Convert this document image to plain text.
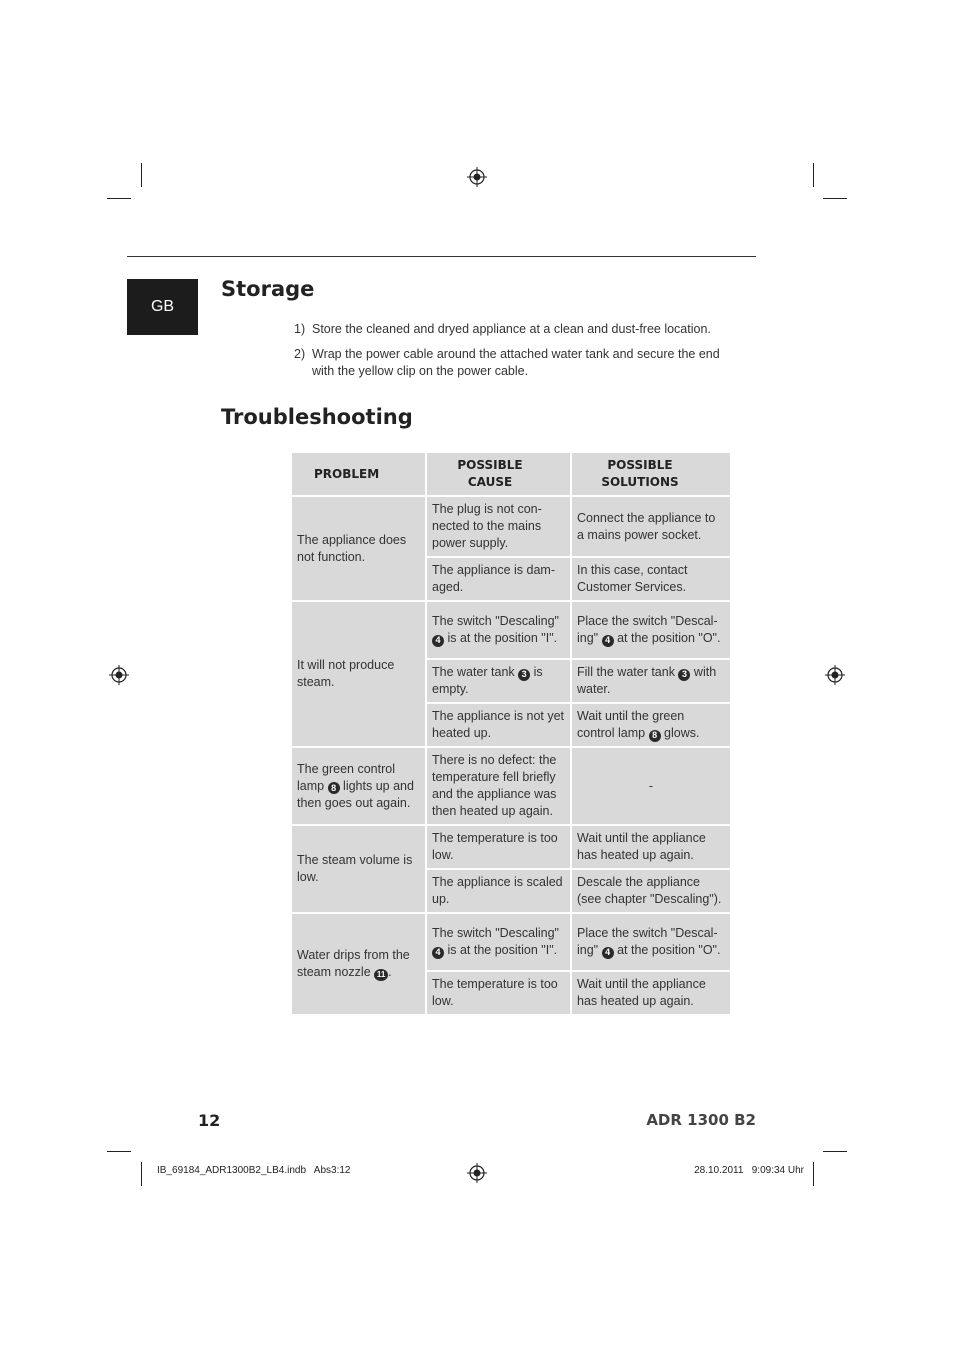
GB
Storage
1) Store the cleaned and dryed appliance at a clean and dust-free location.
2) Wrap the power cable around the attached water tank and secure the end with the yellow clip on the power cable.
Troubleshooting
PROBLEM	POSSIBLE CAUSE	POSSIBLE SOLUTIONS

The appliance does not function.	The plug is not con-nected to the mains power supply.	Connect the appliance to a mains power socket.
	The appliance is dam-aged.	In this case, contact Customer Services.
It will not produce steam.	The switch "Descaling" 4 is at the position "I".	Place the switch "Descal-ing" 4 at the position "O".
	The water tank 3 is empty.	Fill the water tank 3 with water.
	The appliance is not yet heated up.	Wait until the green control lamp 8 glows.
The green control lamp 8 lights up and then goes out again.	There is no defect: the temperature fell briefly and the appliance was then heated up again.	-
The steam volume is low.	The temperature is too low.	Wait until the appliance has heated up again.
	The appliance is scaled up.	Descale the appliance (see chapter "Descaling").
Water drips from the steam nozzle 11 .	The switch "Descaling" 4 is at the position "I".	Place the switch "Descal-ing" 4 at the position "O".
	The temperature is too low.	Wait until the appliance has heated up again.
12	ADR 1300 B2
IB_69184_ADR1300B2_LB4.indb   Abs3:12	28.10.2011   9:09:34 Uhr
